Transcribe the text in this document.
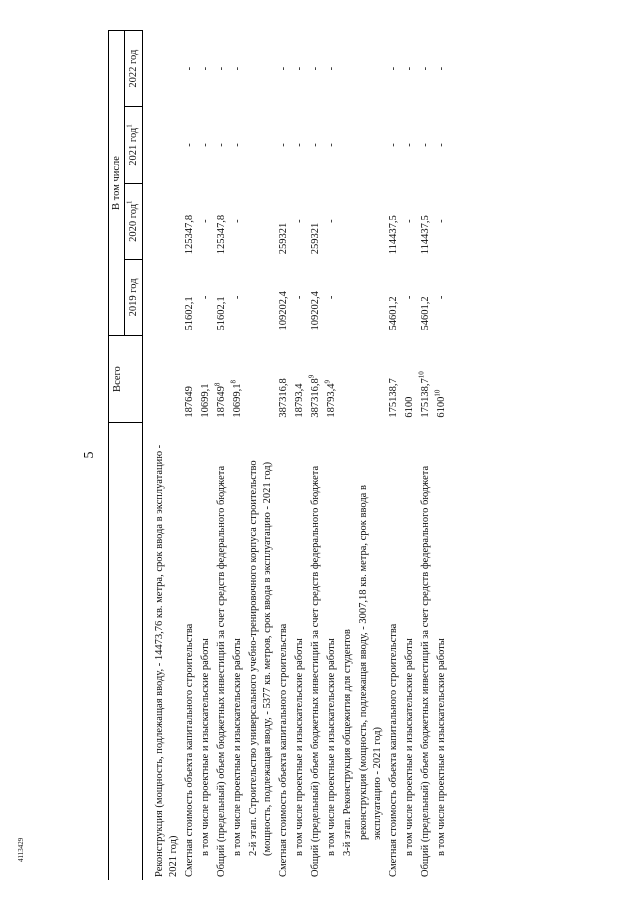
4113429
5
	Всего	В том числе			
		2019 год	2020 год$^1$	2021 год$^1$	2022 год
Реконструкция (мощность, подлежащая вводу, - 14473,76 кв. метра, срок ввода в эксплуатацию - 2021 год)					
Сметная стоимость объекта капитального строительства	187649	51602,1	125347,8	-	-
в том числе проектные и изыскательские работы	10699,1	-	-	-	-
Общий (предельный) объем бюджетных инвестиций за счет средств федерального бюджета	187649$^8$	51602,1	125347,8	-	-
в том числе проектные и изыскательские работы	10699,1$^8$	-	-	-	-
2-й этап. Строительство универсального учебно-тренировочного корпуса строительство (мощность, подлежащая вводу, - 5377 кв. метров, срок ввода в эксплуатацию - 2021 год)					
Сметная стоимость объекта капитального строительства	387316,8	109202,4	259321	-	-
в том числе проектные и изыскательские работы	18793,4	-	-	-	-
Общий (предельный) объем бюджетных инвестиций за счет средств федерального бюджета	387316,8$^9$	109202,4	259321	-	-
в том числе проектные и изыскательские работы	18793,4$^9$	-	-	-	-
3-й этап. Реконструкция общежития для студентов					
реконструкция (мощность, подлежащая вводу, - 3007,18 кв. метра, срок ввода в эксплуатацию - 2021 год)					
Сметная стоимость объекта капитального строительства	175138,7	54601,2	114437,5	-	-
в том числе проектные и изыскательские работы	6100	-	-	-	-
Общий (предельный) объем бюджетных инвестиций за счет средств федерального бюджета	175138,7$^{10}$	54601,2	114437,5	-	-
в том числе проектные и изыскательские работы	6100$^{10}$	-	-	-	-
